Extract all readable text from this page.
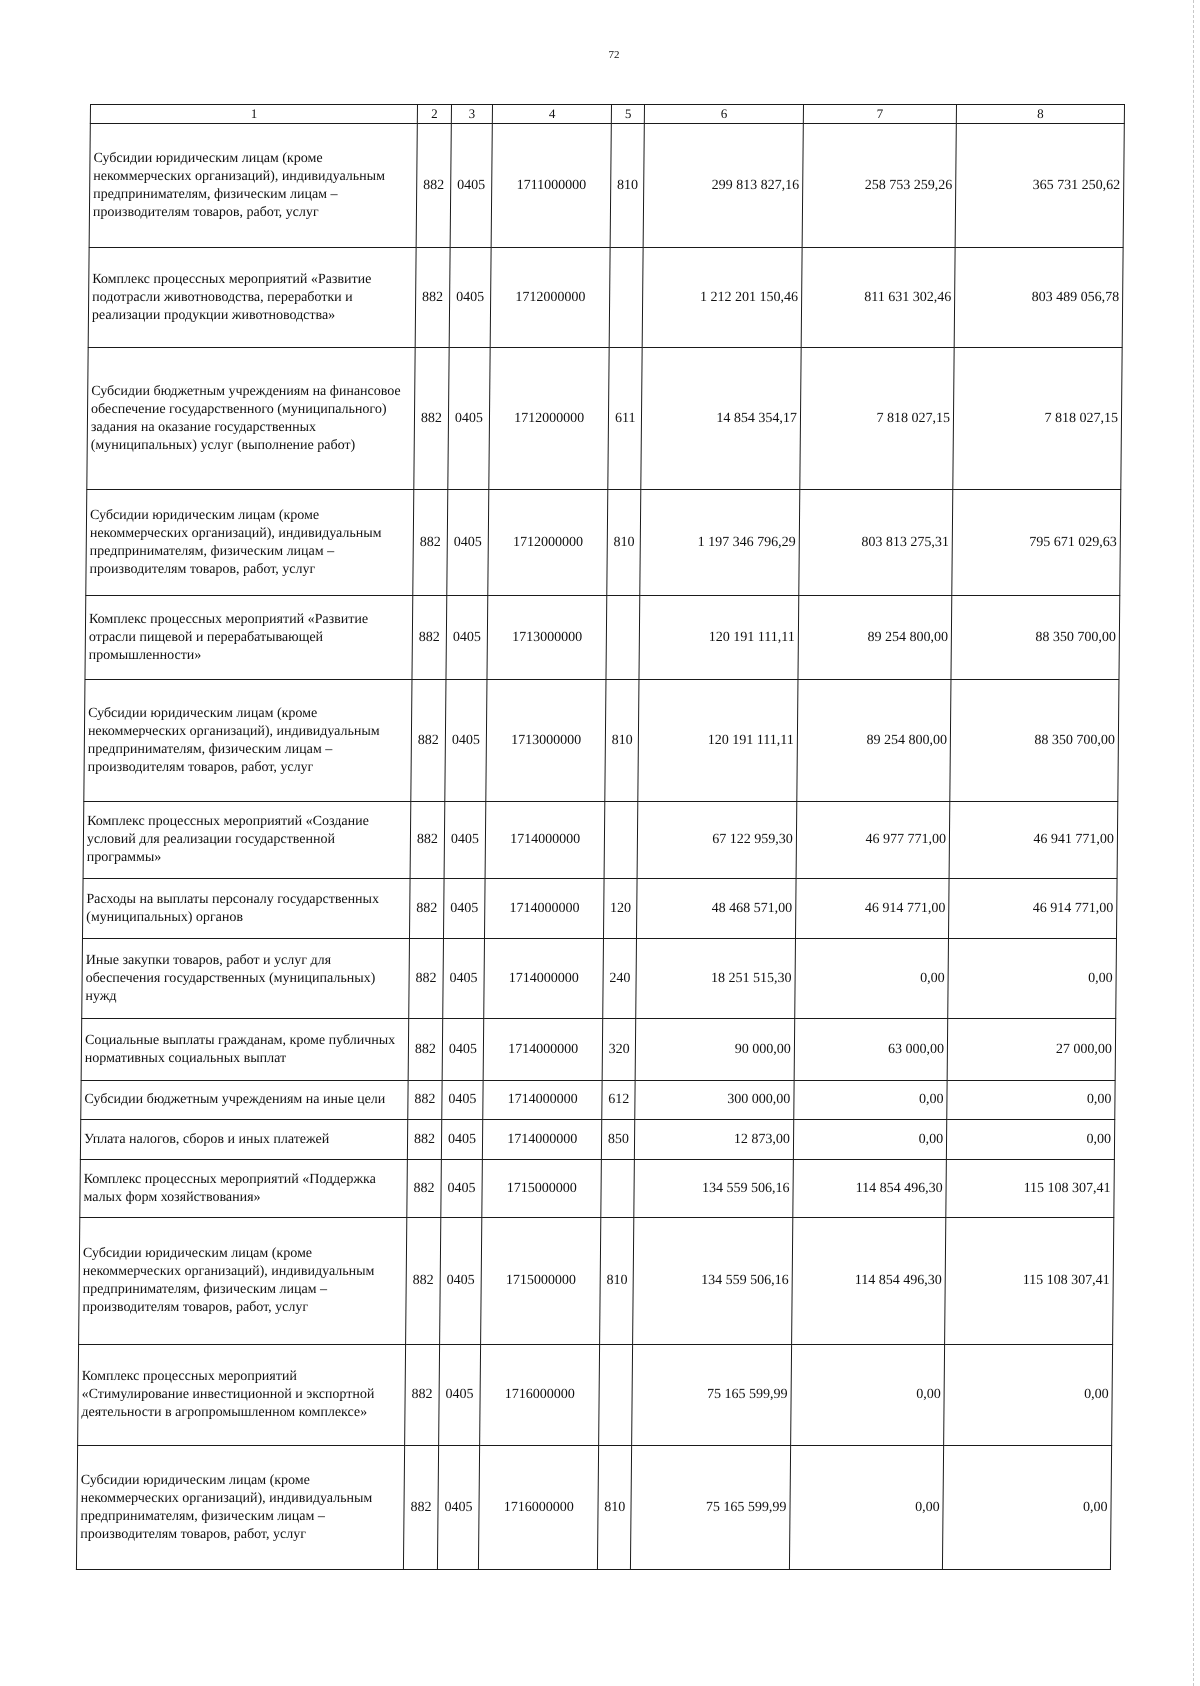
72
1	2	3	4	5	6	7	8
Субсидии юридическим лицам (кроме некоммерческих организаций), индивидуальным предпринимателям, физическим лицам – производителям товаров, работ, услуг	882	0405	1711000000	810	299 813 827,16	258 753 259,26	365 731 250,62
Комплекс процессных мероприятий «Развитие подотрасли животноводства, переработки и реализации продукции животноводства»	882	0405	1712000000		1 212 201 150,46	811 631 302,46	803 489 056,78
Субсидии бюджетным учреждениям на финансовое обеспечение государственного (муниципального) задания на оказание государственных (муниципальных) услуг (выполнение работ)	882	0405	1712000000	611	14 854 354,17	7 818 027,15	7 818 027,15
Субсидии юридическим лицам (кроме некоммерческих организаций), индивидуальным предпринимателям, физическим лицам – производителям товаров, работ, услуг	882	0405	1712000000	810	1 197 346 796,29	803 813 275,31	795 671 029,63
Комплекс процессных мероприятий «Развитие отрасли пищевой и перерабатывающей промышленности»	882	0405	1713000000		120 191 111,11	89 254 800,00	88 350 700,00
Субсидии юридическим лицам (кроме некоммерческих организаций), индивидуальным предпринимателям, физическим лицам – производителям товаров, работ, услуг	882	0405	1713000000	810	120 191 111,11	89 254 800,00	88 350 700,00
Комплекс процессных мероприятий «Создание условий для реализации государственной программы»	882	0405	1714000000		67 122 959,30	46 977 771,00	46 941 771,00
Расходы на выплаты персоналу государственных (муниципальных) органов	882	0405	1714000000	120	48 468 571,00	46 914 771,00	46 914 771,00
Иные закупки товаров, работ и услуг для обеспечения государственных (муниципальных) нужд	882	0405	1714000000	240	18 251 515,30	0,00	0,00
Социальные выплаты гражданам, кроме публичных нормативных социальных выплат	882	0405	1714000000	320	90 000,00	63 000,00	27 000,00
Субсидии бюджетным учреждениям на иные цели	882	0405	1714000000	612	300 000,00	0,00	0,00
Уплата налогов, сборов и иных платежей	882	0405	1714000000	850	12 873,00	0,00	0,00
Комплекс процессных мероприятий «Поддержка малых форм хозяйствования»	882	0405	1715000000		134 559 506,16	114 854 496,30	115 108 307,41
Субсидии юридическим лицам (кроме некоммерческих организаций), индивидуальным предпринимателям, физическим лицам – производителям товаров, работ, услуг	882	0405	1715000000	810	134 559 506,16	114 854 496,30	115 108 307,41
Комплекс процессных мероприятий «Стимулирование инвестиционной и экспортной деятельности в агропромышленном комплексе»	882	0405	1716000000		75 165 599,99	0,00	0,00
Субсидии юридическим лицам (кроме некоммерческих организаций), индивидуальным предпринимателям, физическим лицам – производителям товаров, работ, услуг	882	0405	1716000000	810	75 165 599,99	0,00	0,00
